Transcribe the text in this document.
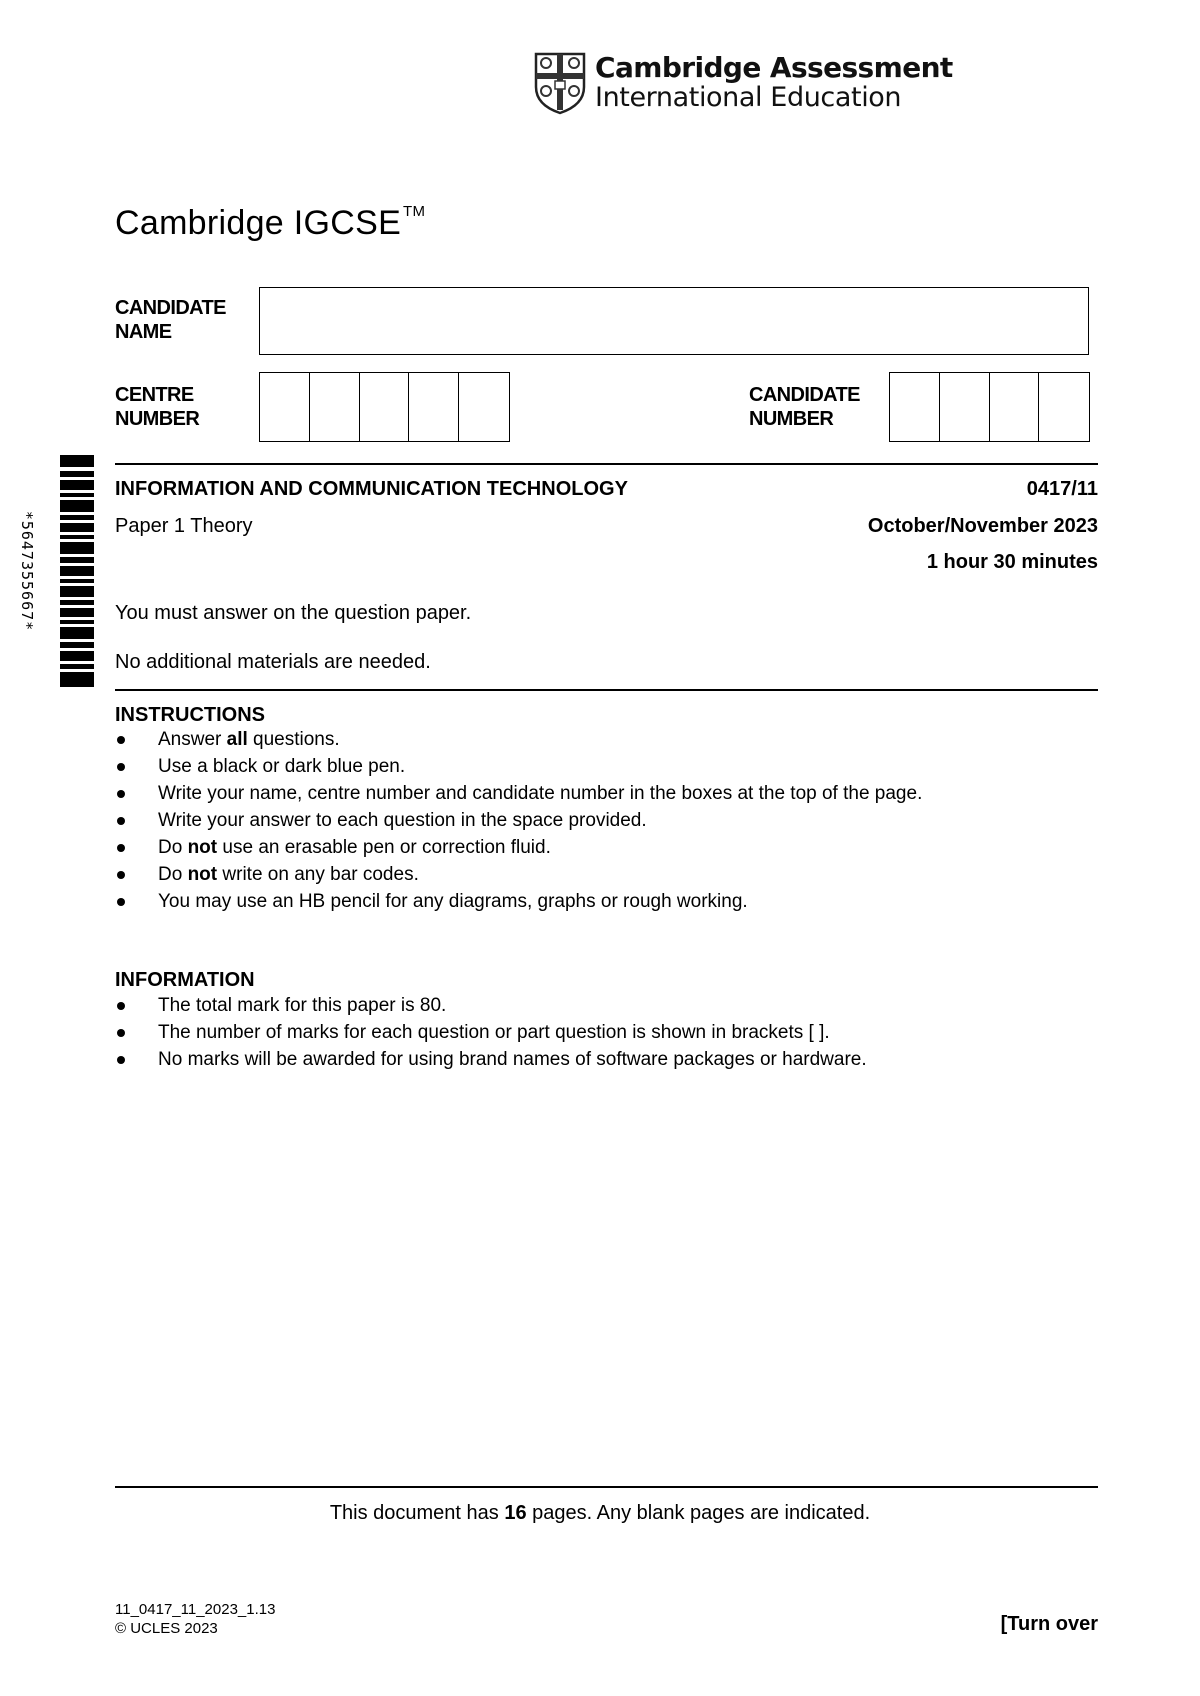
Cambridge Assessment
International Education
Cambridge IGCSE ™
CANDIDATE
NAME
CENTRE
NUMBER
CANDIDATE
NUMBER
*5647355667*
INFORMATION AND COMMUNICATION TECHNOLOGY	0417/11
Paper 1 Theory	October/November 2023
1 hour 30 minutes
You must answer on the question paper.
No additional materials are needed.
INSTRUCTIONS
Answer all questions.
Use a black or dark blue pen.
Write your name, centre number and candidate number in the boxes at the top of the page.
Write your answer to each question in the space provided.
Do not use an erasable pen or correction fluid.
Do not write on any bar codes.
You may use an HB pencil for any diagrams, graphs or rough working.
INFORMATION
The total mark for this paper is 80.
The number of marks for each question or part question is shown in brackets [ ].
No marks will be awarded for using brand names of software packages or hardware.
This document has 16 pages. Any blank pages are indicated.
11_0417_11_2023_1.13
© UCLES 2023	[Turn over
